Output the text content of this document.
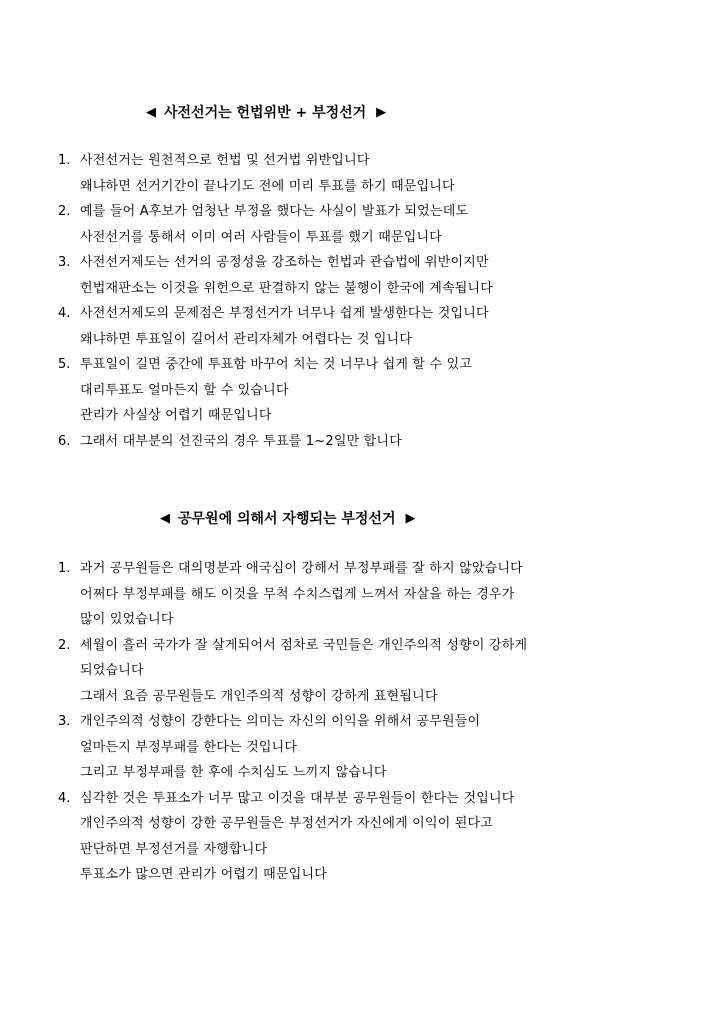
◀ 사전선거는 헌법위반 + 부정선거 ▶
1. 사전선거는 원천적으로 헌법 및 선거법 위반입니다
왜냐하면 선거기간이 끝나기도 전에 미리 투표를 하기 때문입니다
2. 예를 들어 A후보가 엄청난 부정을 했다는 사실이 발표가 되었는데도
사전선거를 통해서 이미 여러 사람들이 투표를 했기 때문입니다
3. 사전선거제도는 선거의 공정성을 강조하는 헌법과 관습법에 위반이지만
헌법재판소는 이것을 위헌으로 판결하지 않는 불행이 한국에 계속됩니다
4. 사전선거제도의 문제점은 부정선거가 너무나 쉽게 발생한다는 것입니다
왜냐하면 투표일이 길어서 관리자체가 어렵다는 것 입니다
5. 투표일이 길면 중간에 투표함 바꾸어 치는 것 너무나 쉽게 할 수 있고
대리투표도 얼마든지 할 수 있습니다
관리가 사실상 어렵기 때문입니다
6. 그래서 대부분의 선진국의 경우 투표를 1~2일만 합니다
◀ 공무원에 의해서 자행되는 부정선거 ▶
1. 과거 공무원들은 대의명분과 애국심이 강해서 부정부패를 잘 하지 않았습니다
어쩌다 부정부패를 해도 이것을 무척 수치스럽게 느껴서 자살을 하는 경우가
많이 있었습니다
2. 세월이 흘러 국가가 잘 살게되어서 점차로 국민들은 개인주의적 성향이 강하게
되었습니다
그래서 요즘 공무원들도 개인주의적 성향이 강하게 표현됩니다
3. 개인주의적 성향이 강한다는 의미는 자신의 이익을 위해서 공무원들이
얼마든지 부정부패를 한다는 것입니다
그리고 부정부패를 한 후에 수치심도 느끼지 않습니다
4. 심각한 것은 투표소가 너무 많고 이것을 대부분 공무원들이 한다는 것입니다
개인주의적 성향이 강한 공무원들은 부정선거가 자신에게 이익이 된다고
판단하면 부정선거를 자행합니다
투표소가 많으면 관리가 어렵기 때문입니다
